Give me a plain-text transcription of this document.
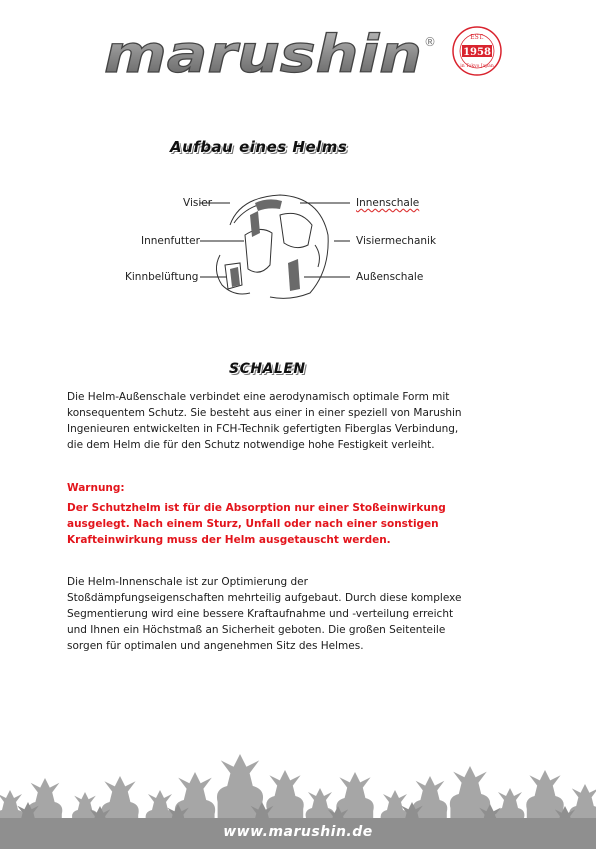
marushin ®
1958
EST.
in Tokyo Japan
Aufbau eines Helms
Visier
Innenfutter
Kinnbelüftung
Innenschale
Visiermechanik
Außenschale
SCHALEN
Die Helm-Außenschale verbindet eine aerodynamisch optimale Form mit konsequentem Schutz. Sie besteht aus einer in einer speziell von Marushin Ingenieuren entwickelten in FCH-Technik gefertigten Fiberglas Verbindung, die dem Helm die für den Schutz notwendige hohe Festigkeit verleiht.
Warnung:
Der Schutzhelm ist für die Absorption nur einer Stoßeinwirkung ausgelegt. Nach einem Sturz, Unfall oder nach einer sonstigen Krafteinwirkung muss der Helm ausgetauscht werden.
Die Helm-Innenschale ist zur Optimierung der Stoßdämpfungseigenschaften mehrteilig aufgebaut. Durch diese komplexe Segmentierung wird eine bessere Kraftaufnahme und -verteilung erreicht und Ihnen ein Höchstmaß an Sicherheit geboten. Die großen Seitenteile sorgen für optimalen und angenehmen Sitz des Helmes.
www.marushin.de
